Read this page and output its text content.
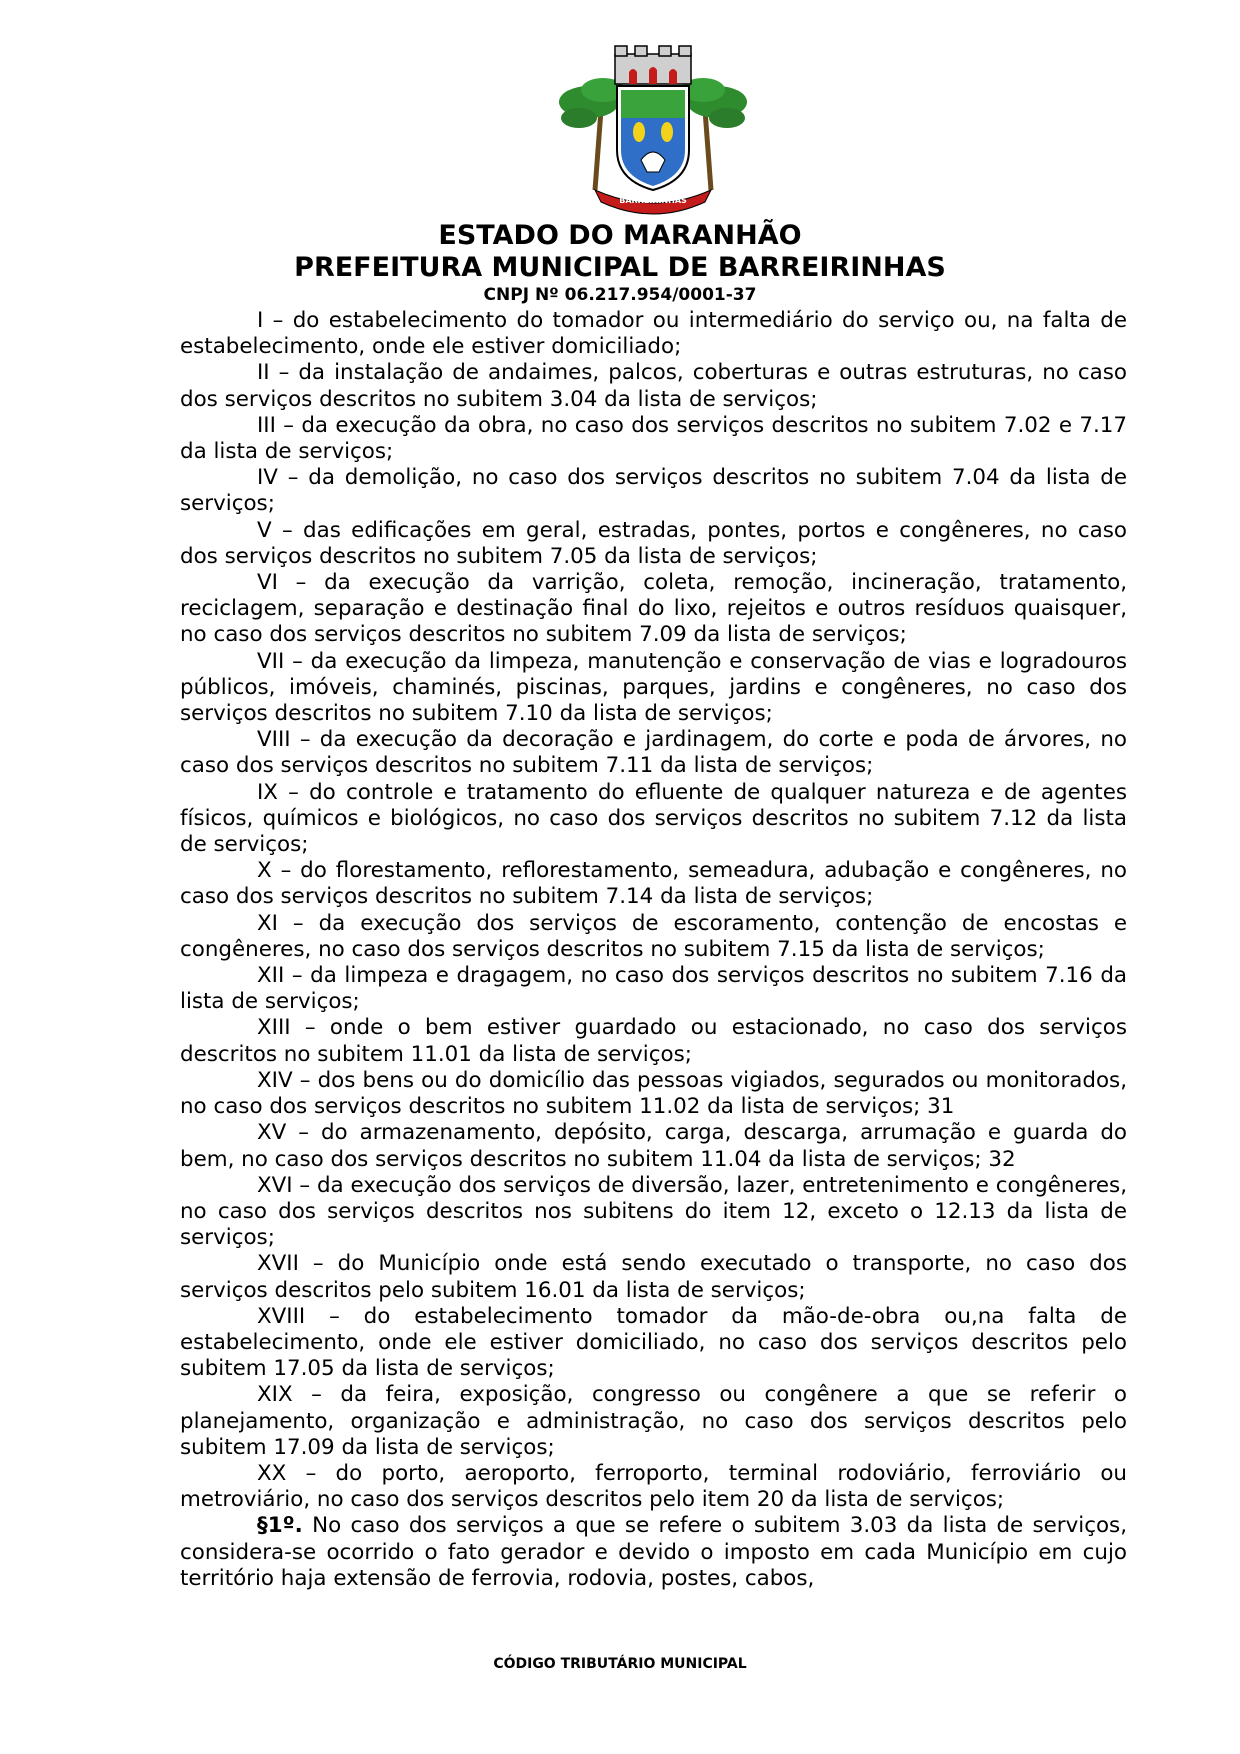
BARREIRINHAS
ESTADO DO MARANHÃO
PREFEITURA MUNICIPAL DE BARREIRINHAS
CNPJ Nº 06.217.954/0001-37

I – do estabelecimento do tomador ou intermediário do serviço ou, na falta de estabelecimento, onde ele estiver domiciliado;

II – da instalação de andaimes, palcos, coberturas e outras estruturas, no caso dos serviços descritos no subitem 3.04 da lista de serviços;

III – da execução da obra, no caso dos serviços descritos no subitem 7.02 e 7.17 da lista de serviços;

IV – da demolição, no caso dos serviços descritos no subitem 7.04 da lista de serviços;

V – das edificações em geral, estradas, pontes, portos e congêneres, no caso dos serviços descritos no subitem 7.05 da lista de serviços;

VI – da execução da varrição, coleta, remoção, incineração, tratamento, reciclagem, separação e destinação final do lixo, rejeitos e outros resíduos quaisquer, no caso dos serviços descritos no subitem 7.09 da lista de serviços;

VII – da execução da limpeza, manutenção e conservação de vias e logradouros públicos, imóveis, chaminés, piscinas, parques, jardins e congêneres, no caso dos serviços descritos no subitem 7.10 da lista de serviços;

VIII – da execução da decoração e jardinagem, do corte e poda de árvores, no caso dos serviços descritos no subitem 7.11 da lista de serviços;

IX – do controle e tratamento do efluente de qualquer natureza e de agentes físicos, químicos e biológicos, no caso dos serviços descritos no subitem 7.12 da lista de serviços;

X – do florestamento, reflorestamento, semeadura, adubação e congêneres, no caso dos serviços descritos no subitem 7.14 da lista de serviços;

XI – da execução dos serviços de escoramento, contenção de encostas e congêneres, no caso dos serviços descritos no subitem 7.15 da lista de serviços;

XII – da limpeza e dragagem, no caso dos serviços descritos no subitem 7.16 da lista de serviços;

XIII – onde o bem estiver guardado ou estacionado, no caso dos serviços descritos no subitem 11.01 da lista de serviços;

XIV – dos bens ou do domicílio das pessoas vigiados, segurados ou monitorados, no caso dos serviços descritos no subitem 11.02 da lista de serviços; 31

XV – do armazenamento, depósito, carga, descarga, arrumação e guarda do bem, no caso dos serviços descritos no subitem 11.04 da lista de serviços; 32

XVI – da execução dos serviços de diversão, lazer, entretenimento e congêneres, no caso dos serviços descritos nos subitens do item 12, exceto o 12.13 da lista de serviços;

XVII – do Município onde está sendo executado o transporte, no caso dos serviços descritos pelo subitem 16.01 da lista de serviços;

XVIII – do estabelecimento tomador da mão-de-obra ou,na falta de estabelecimento, onde ele estiver domiciliado, no caso dos serviços descritos pelo subitem 17.05 da lista de serviços;

XIX – da feira, exposição, congresso ou congênere a que se referir o planejamento, organização e administração, no caso dos serviços descritos pelo subitem 17.09 da lista de serviços;

XX – do porto, aeroporto, ferroporto, terminal rodoviário, ferroviário ou metroviário, no caso dos serviços descritos pelo item 20 da lista de serviços;

§1º. No caso dos serviços a que se refere o subitem 3.03 da lista de serviços, considera-se ocorrido o fato gerador e devido o imposto em cada Município em cujo território haja extensão de ferrovia, rodovia, postes, cabos,

CÓDIGO TRIBUTÁRIO MUNICIPAL
